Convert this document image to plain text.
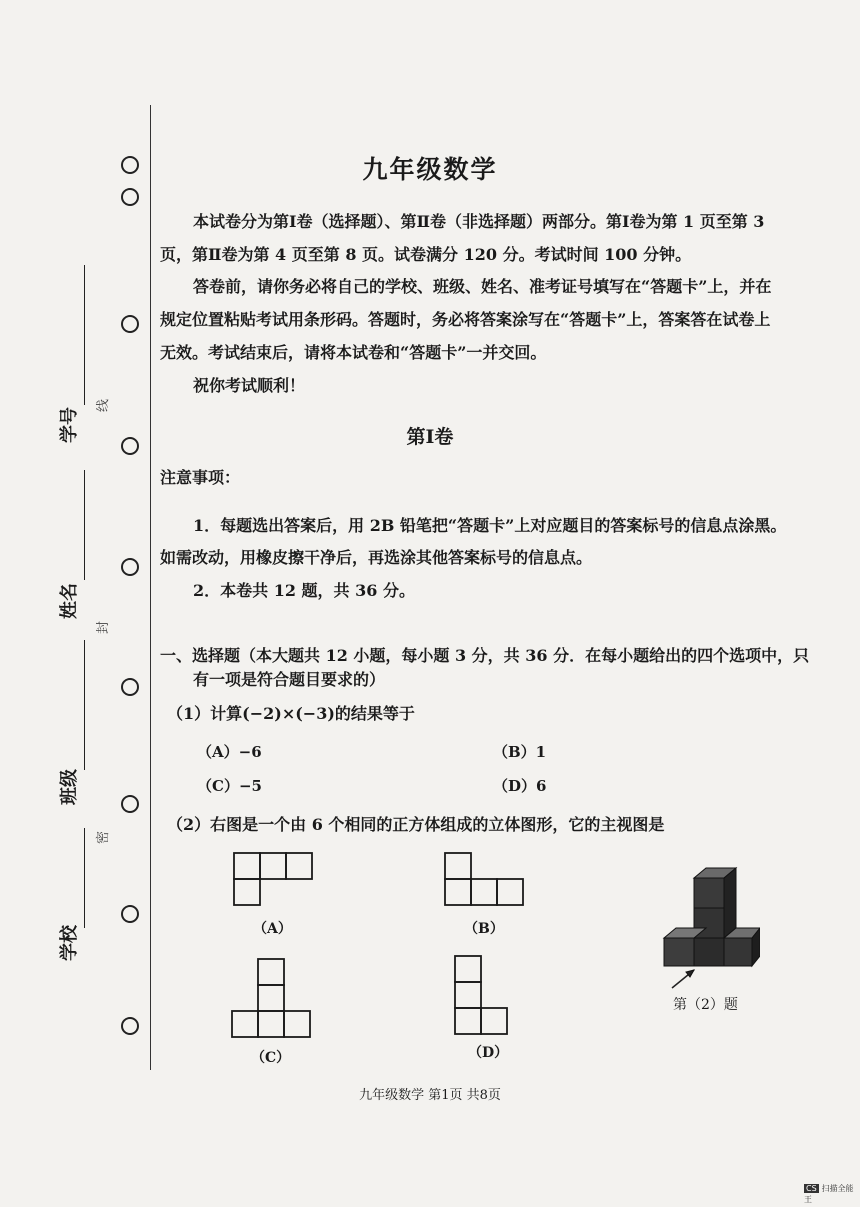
学号
线
姓名
封
班级
密
学校
九年级数学
本试卷分为第Ⅰ卷（选择题）、第Ⅱ卷（非选择题）两部分。第Ⅰ卷为第 1 页至第 3
页，第Ⅱ卷为第 4 页至第 8 页。试卷满分 120 分。考试时间 100 分钟。
答卷前，请你务必将自己的学校、班级、姓名、准考证号填写在“答题卡”上，并在
规定位置粘贴考试用条形码。答题时，务必将答案涂写在“答题卡”上，答案答在试卷上
无效。考试结束后，请将本试卷和“答题卡”一并交回。
祝你考试顺利！
第Ⅰ卷
注意事项：
1．每题选出答案后，用 2B 铅笔把“答题卡”上对应题目的答案标号的信息点涂黑。
如需改动，用橡皮擦干净后，再选涂其他答案标号的信息点。
2．本卷共 12 题，共 36 分。
一、选择题（本大题共 12 小题，每小题 3 分，共 36 分．在每小题给出的四个选项中，只
有一项是符合题目要求的）
（1）计算(−2)×(−3)的结果等于
（A）−6	（B）1
（C）−5	（D）6
（2）右图是一个由 6 个相同的正方体组成的立体图形，它的主视图是
（A）	（B）
（C）	（D）
第（2）题
九年级数学 第1页 共8页
CS 扫描全能王
